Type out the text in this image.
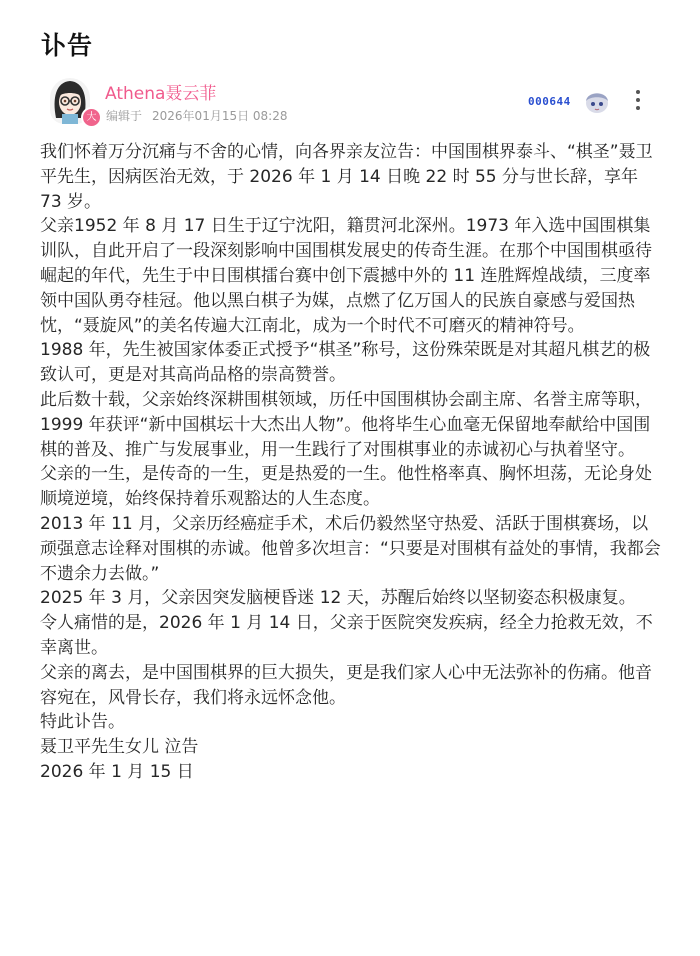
讣告
大
Athena聂云菲
编辑于 2026年01月15日 08:28
000644

我们怀着万分沉痛与不舍的心情，向各界亲友泣告：中国围棋界泰斗、“棋圣”聂卫平先生，因病医治无效，于 2026 年 1 月 14 日晚 22 时 55 分与世长辞，享年 73 岁。

父亲1952 年 8 月 17 日生于辽宁沈阳，籍贯河北深州。1973 年入选中国围棋集训队，自此开启了一段深刻影响中国围棋发展史的传奇生涯。在那个中国围棋亟待崛起的年代，先生于中日围棋擂台赛中创下震撼中外的 11 连胜辉煌战绩，三度率领中国队勇夺桂冠。他以黑白棋子为媒，点燃了亿万国人的民族自豪感与爱国热忱，“聂旋风”的美名传遍大江南北，成为一个时代不可磨灭的精神符号。

1988 年，先生被国家体委正式授予“棋圣”称号，这份殊荣既是对其超凡棋艺的极致认可，更是对其高尚品格的崇高赞誉。

此后数十载，父亲始终深耕围棋领域，历任中国围棋协会副主席、名誉主席等职，1999 年获评“新中国棋坛十大杰出人物”。他将毕生心血毫无保留地奉献给中国围棋的普及、推广与发展事业，用一生践行了对围棋事业的赤诚初心与执着坚守。

父亲的一生，是传奇的一生，更是热爱的一生。他性格率真、胸怀坦荡，无论身处顺境逆境，始终保持着乐观豁达的人生态度。

2013 年 11 月，父亲历经癌症手术，术后仍毅然坚守热爱、活跃于围棋赛场，以顽强意志诠释对围棋的赤诚。他曾多次坦言：“只要是对围棋有益处的事情，我都会不遗余力去做。”

2025 年 3 月，父亲因突发脑梗昏迷 12 天，苏醒后始终以坚韧姿态积极康复。

令人痛惜的是，2026 年 1 月 14 日，父亲于医院突发疾病，经全力抢救无效，不幸离世。

父亲的离去，是中国围棋界的巨大损失，更是我们家人心中无法弥补的伤痛。他音容宛在，风骨长存，我们将永远怀念他。

特此讣告。

聂卫平先生女儿 泣告

2026 年 1 月 15 日
